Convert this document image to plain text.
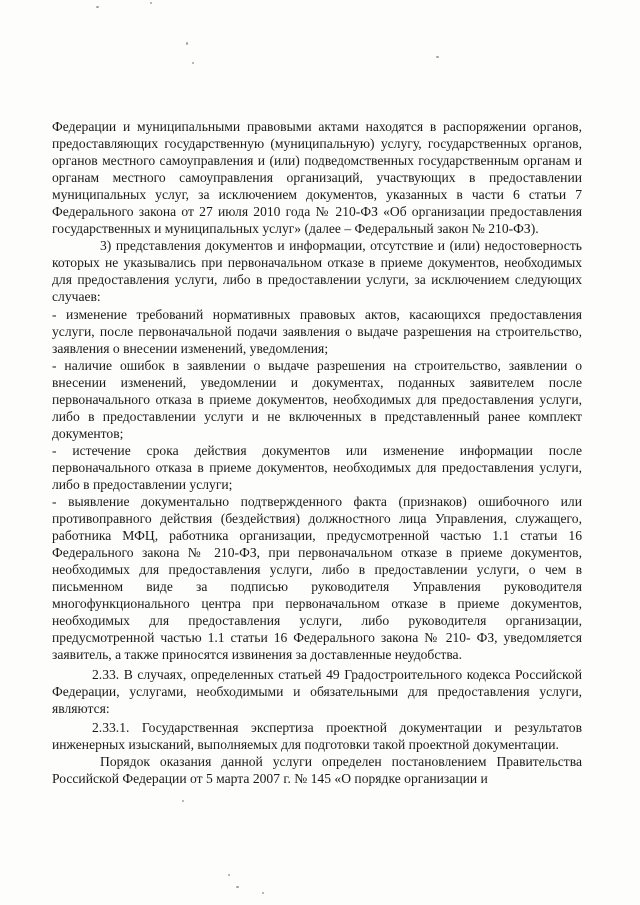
Федерации и муниципальными правовыми актами находятся в распоряжении органов, предоставляющих государственную (муниципальную) услугу, государственных органов, органов местного самоуправления и (или) подведомственных государственным органам и органам местного самоуправления организаций, участвующих в предоставлении муниципальных услуг, за исключением документов, указанных в части 6 статьи 7 Федерального закона от 27 июля 2010 года № 210-ФЗ «Об организации предоставления государственных и муниципальных услуг» (далее – Федеральный закон № 210-ФЗ).

3) представления документов и информации, отсутствие и (или) недостоверность которых не указывались при первоначальном отказе в приеме документов, необходимых для предоставления услуги, либо в предоставлении услуги, за исключением следующих случаев:

- изменение требований нормативных правовых актов, касающихся предоставления услуги, после первоначальной подачи заявления о выдаче разрешения на строительство, заявления о внесении изменений, уведомления;

- наличие ошибок в заявлении о выдаче разрешения на строительство, заявлении о внесении изменений, уведомлении и документах, поданных заявителем после первоначального отказа в приеме документов, необходимых для предоставления услуги, либо в предоставлении услуги и не включенных в представленный ранее комплект документов;

- истечение срока действия документов или изменение информации после первоначального отказа в приеме документов, необходимых для предоставления услуги, либо в предоставлении услуги;

- выявление документально подтвержденного факта (признаков) ошибочного или противоправного действия (бездействия) должностного лица Управления, служащего, работника МФЦ, работника организации, предусмотренной частью 1.1 статьи 16 Федерального закона № 210-ФЗ, при первоначальном отказе в приеме документов, необходимых для предоставления услуги, либо в предоставлении услуги, о чем в письменном виде за подписью руководителя Управления руководителя многофункционального центра при первоначальном отказе в приеме документов, необходимых для предоставления услуги, либо руководителя организации, предусмотренной частью 1.1 статьи 16 Федерального закона № 210- ФЗ, уведомляется заявитель, а также приносятся извинения за доставленные неудобства.

2.33. В случаях, определенных статьей 49 Градостроительного кодекса Российской Федерации, услугами, необходимыми и обязательными для предоставления услуги, являются:

2.33.1. Государственная экспертиза проектной документации и результатов инженерных изысканий, выполняемых для подготовки такой проектной документации.

Порядок оказания данной услуги определен постановлением Правительства Российской Федерации от 5 марта 2007 г. № 145 «О порядке организации и
